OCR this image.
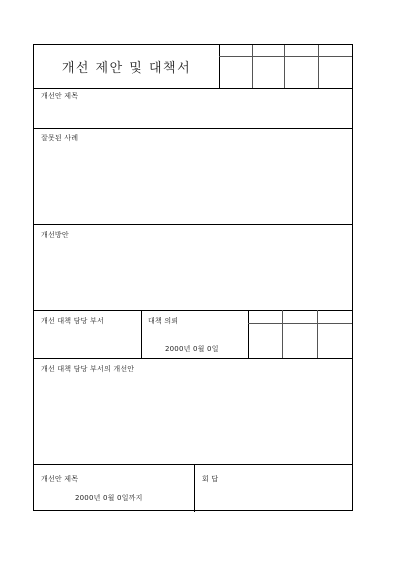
개선 제안 및 대책서
개선안 제목
잘못된 사례
개선방안
개선 대책 담당 부서	대책 의뢰
2000년 0월 0일
개선 대책 담당 부서의 개선안
개선안 제목
2000년 0월 0일까지
회 답
